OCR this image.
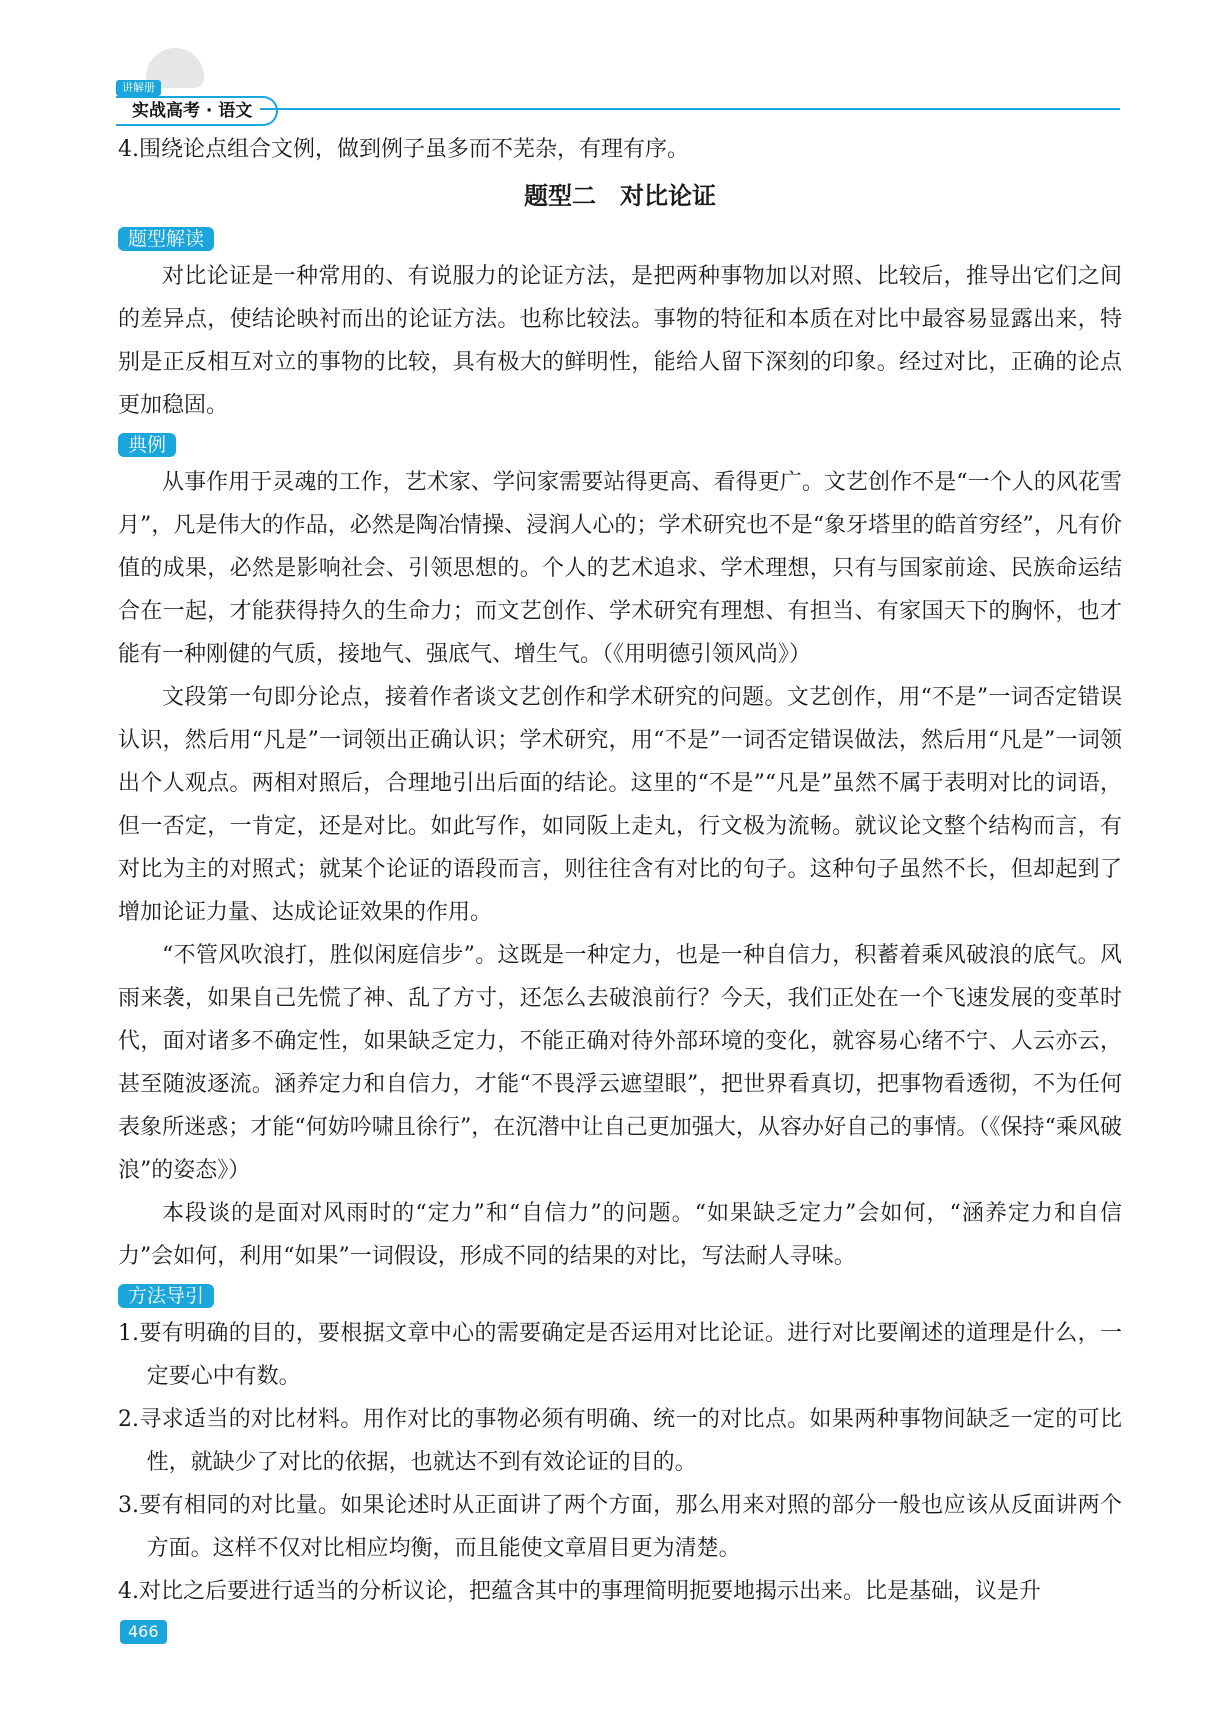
讲解册
实战高考 · 语文

4.围绕论点组合文例，做到例子虽多而不芜杂，有理有序。

题型二　对比论证
题型解读

对比论证是一种常用的、有说服力的论证方法，是把两种事物加以对照、比较后，推导出它们之间的差异点，使结论映衬而出的论证方法。也称比较法。事物的特征和本质在对比中最容易显露出来，特别是正反相互对立的事物的比较，具有极大的鲜明性，能给人留下深刻的印象。经过对比，正确的论点更加稳固。

典例

从事作用于灵魂的工作，艺术家、学问家需要站得更高、看得更广。文艺创作不是“一个人的风花雪月”，凡是伟大的作品，必然是陶冶情操、浸润人心的；学术研究也不是“象牙塔里的皓首穷经”，凡有价值的成果，必然是影响社会、引领思想的。个人的艺术追求、学术理想，只有与国家前途、民族命运结合在一起，才能获得持久的生命力；而文艺创作、学术研究有理想、有担当、有家国天下的胸怀，也才能有一种刚健的气质，接地气、强底气、增生气。（《用明德引领风尚》）

文段第一句即分论点，接着作者谈文艺创作和学术研究的问题。文艺创作，用“不是”一词否定错误认识，然后用“凡是”一词领出正确认识；学术研究，用“不是”一词否定错误做法，然后用“凡是”一词领出个人观点。两相对照后，合理地引出后面的结论。这里的“不是”“凡是”虽然不属于表明对比的词语，但一否定，一肯定，还是对比。如此写作，如同阪上走丸，行文极为流畅。就议论文整个结构而言，有对比为主的对照式；就某个论证的语段而言，则往往含有对比的句子。这种句子虽然不长，但却起到了增加论证力量、达成论证效果的作用。

“不管风吹浪打，胜似闲庭信步”。这既是一种定力，也是一种自信力，积蓄着乘风破浪的底气。风雨来袭，如果自己先慌了神、乱了方寸，还怎么去破浪前行？今天，我们正处在一个飞速发展的变革时代，面对诸多不确定性，如果缺乏定力，不能正确对待外部环境的变化，就容易心绪不宁、人云亦云，甚至随波逐流。涵养定力和自信力，才能“不畏浮云遮望眼”，把世界看真切，把事物看透彻，不为任何表象所迷惑；才能“何妨吟啸且徐行”，在沉潜中让自己更加强大，从容办好自己的事情。（《保持“乘风破浪”的姿态》）

本段谈的是面对风雨时的“定力”和“自信力”的问题。“如果缺乏定力”会如何，“涵养定力和自信力”会如何，利用“如果”一词假设，形成不同的结果的对比，写法耐人寻味。

方法导引

1.要有明确的目的，要根据文章中心的需要确定是否运用对比论证。进行对比要阐述的道理是什么，一定要心中有数。

2.寻求适当的对比材料。用作对比的事物必须有明确、统一的对比点。如果两种事物间缺乏一定的可比性，就缺少了对比的依据，也就达不到有效论证的目的。

3.要有相同的对比量。如果论述时从正面讲了两个方面，那么用来对照的部分一般也应该从反面讲两个方面。这样不仅对比相应均衡，而且能使文章眉目更为清楚。

4.对比之后要进行适当的分析议论，把蕴含其中的事理简明扼要地揭示出来。比是基础，议是升

466
